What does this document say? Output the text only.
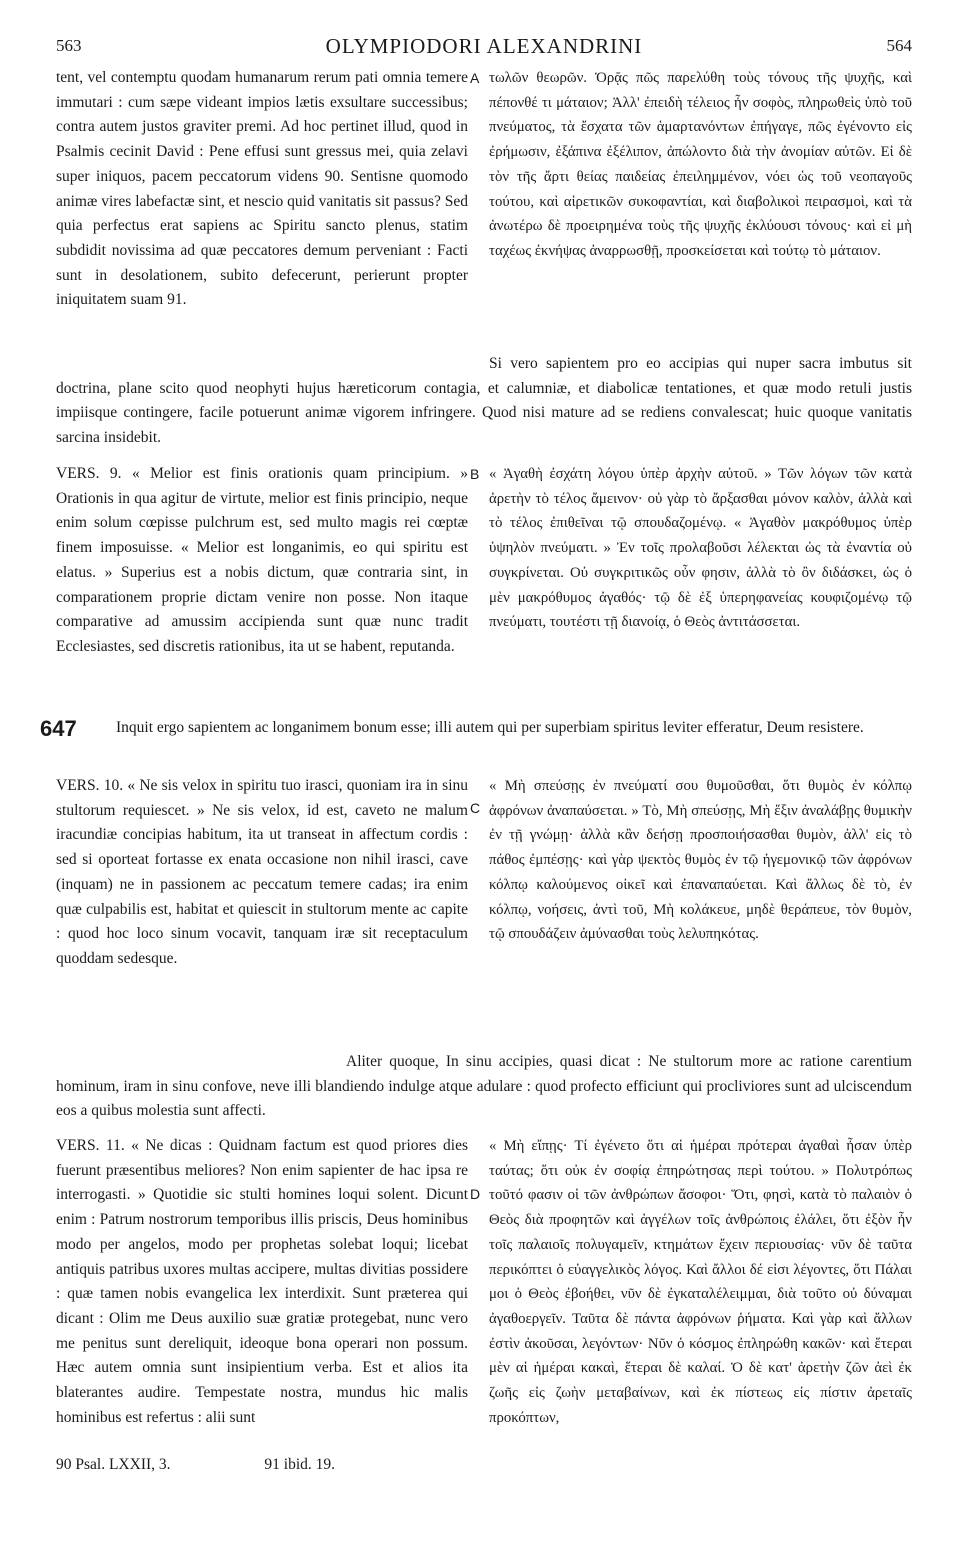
563	OLYMPIODORI ALEXANDRINI	564

tent, vel contemptu quodam humanarum rerum pati omnia temere immutari : cum sæpe videant impios lætis exsultare successibus; contra autem justos graviter premi. Ad hoc pertinet illud, quod in Psalmis cecinit David : Pene effusi sunt gressus mei, quia zelavi super iniquos, pacem peccatorum videns 90. Sentisne quomodo animæ vires labefactæ sint, et nescio quid vanitatis sit passus? Sed quia perfectus erat sapiens ac Spiritu sancto plenus, statim subdidit novissima ad quæ peccatores demum perveniant : Facti sunt in desolationem, subito defecerunt, perierunt propter iniquitatem suam 91.

A τωλῶν θεωρῶν. Ὁρᾷς πῶς παρελύθη τοὺς τόνους τῆς ψυχῆς, καὶ πέπονθέ τι μάταιον; Ἀλλ' ἐπειδὴ τέλειος ἦν σοφὸς, πληρωθεὶς ὑπὸ τοῦ πνεύματος, τὰ ἔσχατα τῶν ἁμαρτανόντων ἐπήγαγε, πῶς ἐγένοντο εἰς ἐρήμωσιν, ἐξάπινα ἐξέλιπον, ἀπώλοντο διὰ τὴν ἀνομίαν αὐτῶν. Εἰ δὲ τὸν τῆς ἄρτι θείας παιδείας ἐπειλημμένον, νόει ὡς τοῦ νεοπαγοῦς τούτου, καὶ αἱρετικῶν συκοφαντίαι, καὶ διαβολικοὶ πειρασμοὶ, καὶ τὰ ἀνωτέρω δὲ προειρημένα τοὺς τῆς ψυχῆς ἐκλύουσι τόνους· καὶ εἰ μὴ ταχέως ἐκνήψας ἀναρρωσθῇ, προσκείσεται καὶ τούτῳ τὸ μάταιον.

Si vero sapientem pro eo accipias qui nuper sacra imbutus sit doctrina, plane scito quod neophyti hujus hæreticorum contagia, et calumniæ, et diabolicæ tentationes, et quæ modo retuli justis impiisque contingere, facile potuerunt animæ vigorem infringere. Quod nisi mature ad se rediens convalescat; huic quoque vanitatis sarcina insidebit.

VERS. 9. « Melior est finis orationis quam principium. » Orationis in qua agitur de virtute, melior est finis principio, neque enim solum cœpisse pulchrum est, sed multo magis rei cœptæ finem imposuisse. « Melior est longanimis, eo qui spiritu est elatus. » Superius est a nobis dictum, quæ contraria sint, in comparationem proprie dictam venire non posse. Non itaque comparative ad amussim accipienda sunt quæ nunc tradit Ecclesiastes, sed discretis rationibus, ita ut se habent, reputanda.

B « Ἀγαθὴ ἐσχάτη λόγου ὑπὲρ ἀρχὴν αὐτοῦ. » Τῶν λόγων τῶν κατὰ ἀρετὴν τὸ τέλος ἄμεινον· οὐ γὰρ τὸ ἄρξασθαι μόνον καλὸν, ἀλλὰ καὶ τὸ τέλος ἐπιθεῖναι τῷ σπουδαζομένῳ. « Ἀγαθὸν μακρόθυμος ὑπὲρ ὑψηλὸν πνεύματι. » Ἐν τοῖς προλαβοῦσι λέλεκται ὡς τὰ ἐναντία οὐ συγκρίνεται. Οὐ συγκριτικῶς οὖν φησιν, ἀλλὰ τὸ ὂν διδάσκει, ὡς ὁ μὲν μακρόθυμος ἀγαθός· τῷ δὲ ἐξ ὑπερηφανείας κουφιζομένῳ τῷ πνεύματι, τουτέστι τῇ διανοίᾳ, ὁ Θεὸς ἀντιτάσσεται.

647	Inquit ergo sapientem ac longanimem bonum esse; illi autem qui per superbiam spiritus leviter efferatur, Deum resistere.

VERS. 10. « Ne sis velox in spiritu tuo irasci, quoniam ira in sinu stultorum requiescet. » Ne sis velox, id est, caveto ne malum iracundiæ concipias habitum, ita ut transeat in affectum cordis : sed si oporteat fortasse ex enata occasione non nihil irasci, cave (inquam) ne in passionem ac peccatum temere cadas; ira enim quæ culpabilis est, habitat et quiescit in stultorum mente ac capite : quod hoc loco sinum vocavit, tanquam iræ sit receptaculum quoddam sedesque.

C

« Μὴ σπεύσῃς ἐν πνεύματί σου θυμοῦσθαι, ὅτι θυμὸς ἐν κόλπῳ ἀφρόνων ἀναπαύσεται. » Τὸ, Μὴ σπεύσῃς, Μὴ ἕξιν ἀναλάβῃς θυμικὴν ἐν τῇ γνώμῃ· ἀλλὰ κἂν δεήσῃ προσποιήσασθαι θυμὸν, ἀλλ' εἰς τὸ πάθος ἐμπέσῃς· καὶ γὰρ ψεκτὸς θυμὸς ἐν τῷ ἡγεμονικῷ τῶν ἀφρόνων κόλπῳ καλούμενος οἰκεῖ καὶ ἐπαναπαύεται. Καὶ ἄλλως δὲ τὸ, ἐν κόλπῳ, νοήσεις, ἀντὶ τοῦ, Μὴ κολάκευε, μηδὲ θεράπευε, τὸν θυμὸν, τῷ σπουδάζειν ἀμύνασθαι τοὺς λελυπηκότας.

Aliter quoque, In sinu accipies, quasi dicat : Ne stultorum more ac ratione carentium hominum, iram in sinu confove, neve illi blandiendo indulge atque adulare : quod profecto efficiunt qui procliviores sunt ad ulciscendum eos a quibus molestia sunt affecti.

VERS. 11. « Ne dicas : Quidnam factum est quod priores dies fuerunt præsentibus meliores? Non enim sapienter de hac ipsa re interrogasti. » Quotidie sic stulti homines loqui solent. Dicunt enim : Patrum nostrorum temporibus illis priscis, Deus hominibus modo per angelos, modo per prophetas solebat loqui; licebat antiquis patribus uxores multas accipere, multas divitias possidere : quæ tamen nobis evangelica lex interdixit. Sunt præterea qui dicant : Olim me Deus auxilio suæ gratiæ protegebat, nunc vero me penitus sunt dereliquit, ideoque bona operari non possum. Hæc autem omnia sunt insipientium verba. Est et alios ita blaterantes audire. Tempestate nostra, mundus hic malis hominibus est refertus : alii sunt

D

« Μὴ εἴπῃς· Τί ἐγένετο ὅτι αἱ ἡμέραι πρότεραι ἀγαθαὶ ἦσαν ὑπὲρ ταύτας; ὅτι οὐκ ἐν σοφίᾳ ἐπηρώτησας περὶ τούτου. » Πολυτρόπως τοῦτό φασιν οἱ τῶν ἀνθρώπων ἄσοφοι· Ὅτι, φησὶ, κατὰ τὸ παλαιὸν ὁ Θεὸς διὰ προφητῶν καὶ ἀγγέλων τοῖς ἀνθρώποις ἐλάλει, ὅτι ἐξὸν ἦν τοῖς παλαιοῖς πολυγαμεῖν, κτημάτων ἔχειν περιουσίας· νῦν δὲ ταῦτα περικόπτει ὁ εὐαγγελικὸς λόγος. Καὶ ἄλλοι δέ εἰσι λέγοντες, ὅτι Πάλαι μοι ὁ Θεὸς ἐβοήθει, νῦν δὲ ἐγκαταλέλειμμαι, διὰ τοῦτο οὐ δύναμαι ἀγαθοεργεῖν. Ταῦτα δὲ πάντα ἀφρόνων ῥήματα. Καὶ γὰρ καὶ ἄλλων ἐστὶν ἀκοῦσαι, λεγόντων· Νῦν ὁ κόσμος ἐπληρώθη κακῶν· καὶ ἕτεραι μὲν αἱ ἡμέραι κακαὶ, ἕτεραι δὲ καλαί. Ὁ δὲ κατ' ἀρετὴν ζῶν ἀεὶ ἐκ ζωῆς εἰς ζωὴν μεταβαίνων, καὶ ἐκ πίστεως εἰς πίστιν ἀρεταῖς προκόπτων,

90 Psal. LXXII, 3.	91 ibid. 19.
